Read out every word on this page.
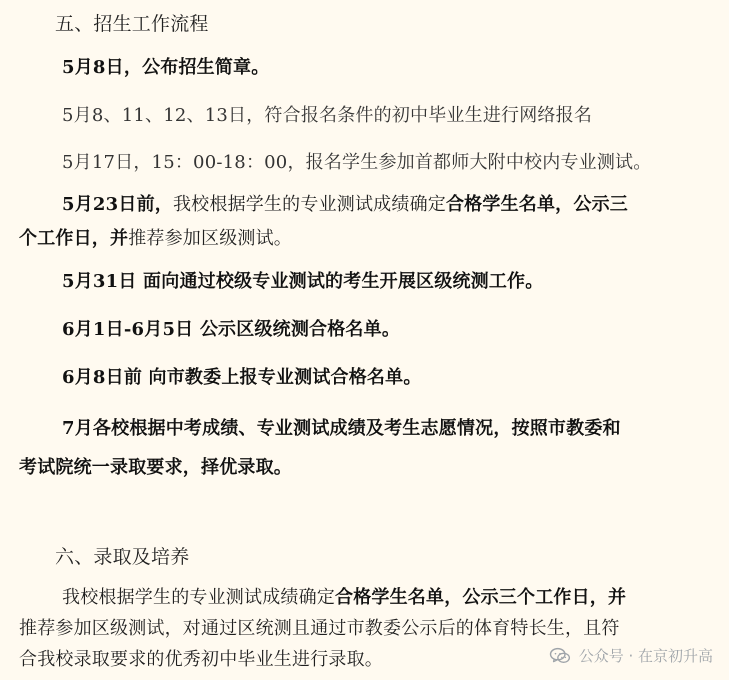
五、招生工作流程
5月8日，公布招生简章。
5月8、11、12、13日，符合报名条件的初中毕业生进行网络报名
5月17日，15：00-18：00，报名学生参加首都师大附中校内专业测试。
5月23日前，我校根据学生的专业测试成绩确定合格学生名单，公示三
个工作日，并推荐参加区级测试。
5月31日 面向通过校级专业测试的考生开展区级统测工作。
6月1日-6月5日 公示区级统测合格名单。
6月8日前 向市教委上报专业测试合格名单。
7月各校根据中考成绩、专业测试成绩及考生志愿情况，按照市教委和
考试院统一录取要求，择优录取。
六、录取及培养
我校根据学生的专业测试成绩确定合格学生名单，公示三个工作日，并
推荐参加区级测试，对通过区统测且通过市教委公示后的体育特长生，且符
合我校录取要求的优秀初中毕业生进行录取。	公众号 · 在京初升高
